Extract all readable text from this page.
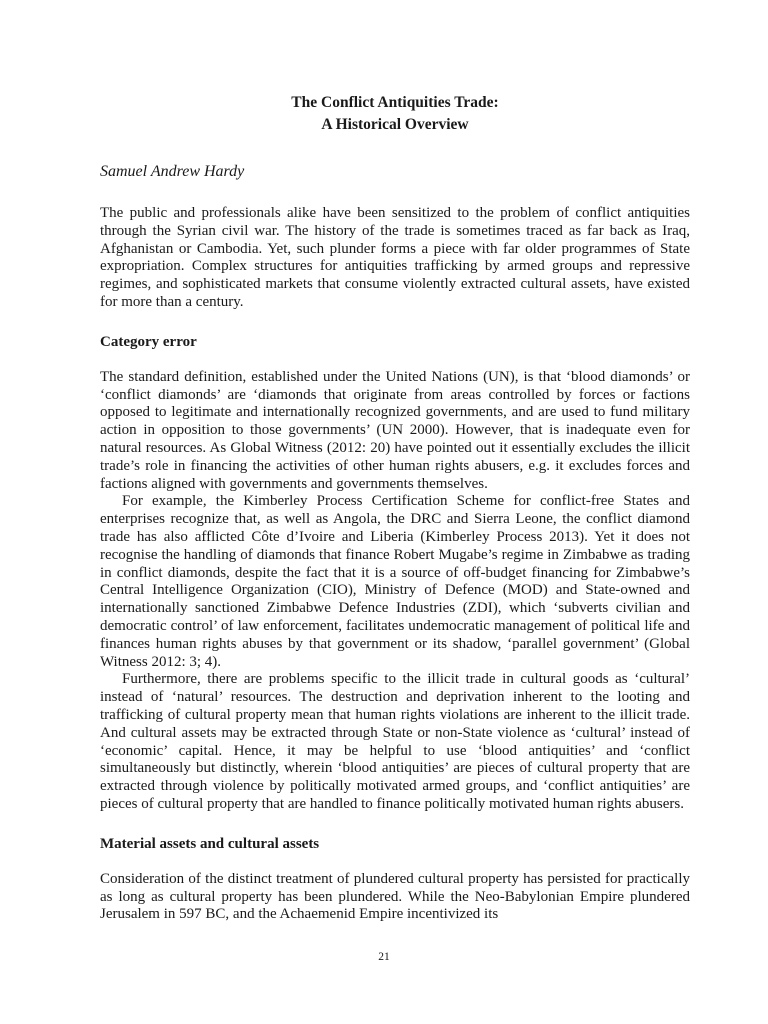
The Conflict Antiquities Trade:
A Historical Overview
Samuel Andrew Hardy

The public and professionals alike have been sensitized to the problem of conflict antiquities through the Syrian civil war. The history of the trade is sometimes traced as far back as Iraq, Afghanistan or Cambodia. Yet, such plunder forms a piece with far older programmes of State expropriation. Complex structures for antiquities trafficking by armed groups and repressive regimes, and sophisticated markets that consume violently extracted cultural assets, have existed for more than a century.

Category error

The standard definition, established under the United Nations (UN), is that ‘blood diamonds’ or ‘conflict diamonds’ are ‘diamonds that originate from areas controlled by forces or factions opposed to legitimate and internationally recognized governments, and are used to fund military action in opposition to those governments’ (UN 2000). However, that is inadequate even for natural resources. As Global Witness (2012: 20) have pointed out it essentially excludes the illicit trade’s role in financing the activities of other human rights abusers, e.g. it excludes forces and factions aligned with governments and governments themselves.

For example, the Kimberley Process Certification Scheme for conflict-free States and enterprises recognize that, as well as Angola, the DRC and Sierra Leone, the conflict diamond trade has also afflicted Côte d’Ivoire and Liberia (Kimberley Process 2013). Yet it does not recognise the handling of diamonds that finance Robert Mugabe’s regime in Zimbabwe as trading in conflict diamonds, despite the fact that it is a source of off-budget financing for Zimbabwe’s Central Intelligence Organization (CIO), Ministry of Defence (MOD) and State-owned and internationally sanctioned Zimbabwe Defence Industries (ZDI), which ‘subverts civilian and democratic control’ of law enforcement, facilitates undemocratic management of political life and finances human rights abuses by that government or its shadow, ‘parallel government’ (Global Witness 2012: 3; 4).

Furthermore, there are problems specific to the illicit trade in cultural goods as ‘cultural’ instead of ‘natural’ resources. The destruction and deprivation inherent to the looting and trafficking of cultural property mean that human rights violations are inherent to the illicit trade. And cultural assets may be extracted through State or non-State violence as ‘cultural’ instead of ‘economic’ capital. Hence, it may be helpful to use ‘blood antiquities’ and ‘conflict simultaneously but distinctly, wherein ‘blood antiquities’ are pieces of cultural property that are extracted through violence by politically motivated armed groups, and ‘conflict antiquities’ are pieces of cultural property that are handled to finance politically motivated human rights abusers.

Material assets and cultural assets

Consideration of the distinct treatment of plundered cultural property has persisted for practically as long as cultural property has been plundered. While the Neo-Babylonian Empire plundered Jerusalem in 597 BC, and the Achaemenid Empire incentivized its

21
